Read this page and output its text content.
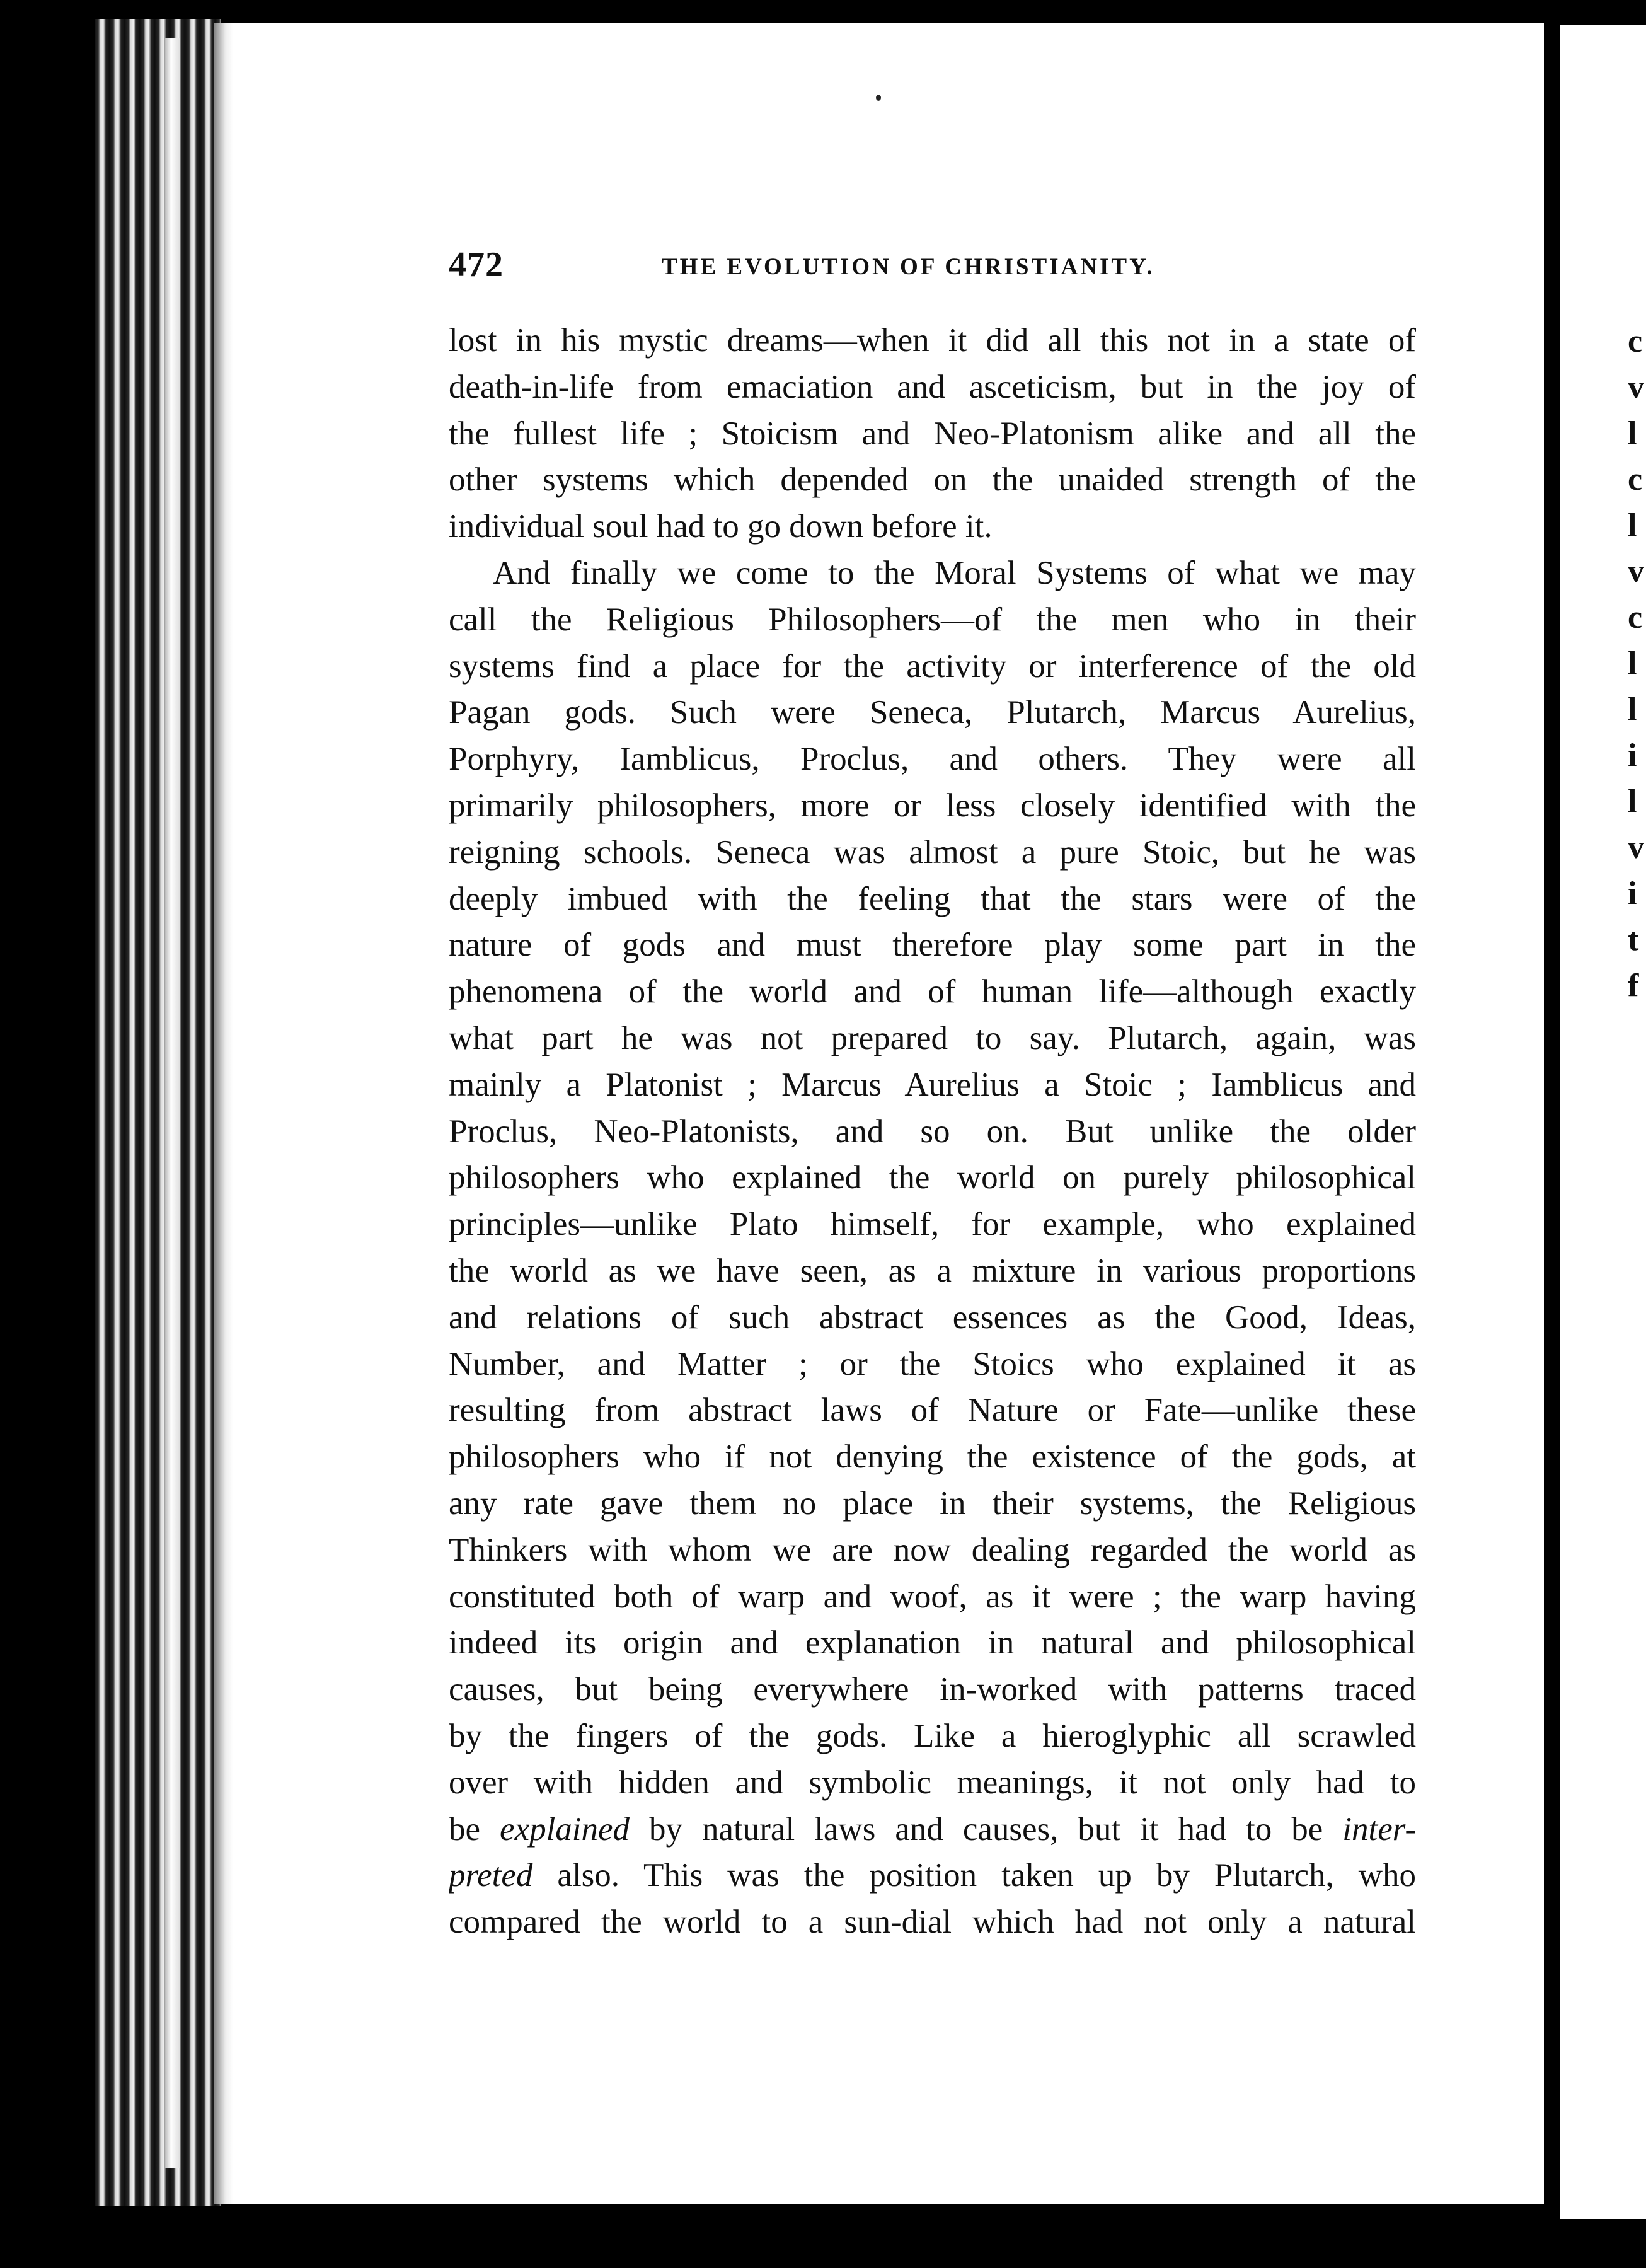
c
v
l
c
l
v
c
l
l
i
l
v
i
t
f
472	THE EVOLUTION OF CHRISTIANITY.
lost in his mystic dreams—when it did all this not in a state of
death-in-life from emaciation and asceticism, but in the joy of
the fullest life ; Stoicism and Neo-Platonism alike and all the
other systems which depended on the unaided strength of the
individual soul had to go down before it.
And finally we come to the Moral Systems of what we may
call the Religious Philosophers—of the men who in their
systems find a place for the activity or interference of the old
Pagan gods. Such were Seneca, Plutarch, Marcus Aurelius,
Porphyry, Iamblicus, Proclus, and others. They were all
primarily philosophers, more or less closely identified with the
reigning schools. Seneca was almost a pure Stoic, but he was
deeply imbued with the feeling that the stars were of the
nature of gods and must therefore play some part in the
phenomena of the world and of human life—although exactly
what part he was not prepared to say. Plutarch, again, was
mainly a Platonist ; Marcus Aurelius a Stoic ; Iamblicus and
Proclus, Neo-Platonists, and so on. But unlike the older
philosophers who explained the world on purely philosophical
principles—unlike Plato himself, for example, who explained
the world as we have seen, as a mixture in various proportions
and relations of such abstract essences as the Good, Ideas,
Number, and Matter ; or the Stoics who explained it as
resulting from abstract laws of Nature or Fate—unlike these
philosophers who if not denying the existence of the gods, at
any rate gave them no place in their systems, the Religious
Thinkers with whom we are now dealing regarded the world as
constituted both of warp and woof, as it were ; the warp having
indeed its origin and explanation in natural and philosophical
causes, but being everywhere in-worked with patterns traced
by the fingers of the gods. Like a hieroglyphic all scrawled
over with hidden and symbolic meanings, it not only had to
be explained by natural laws and causes, but it had to be inter-
preted also. This was the position taken up by Plutarch, who
compared the world to a sun-dial which had not only a natural
